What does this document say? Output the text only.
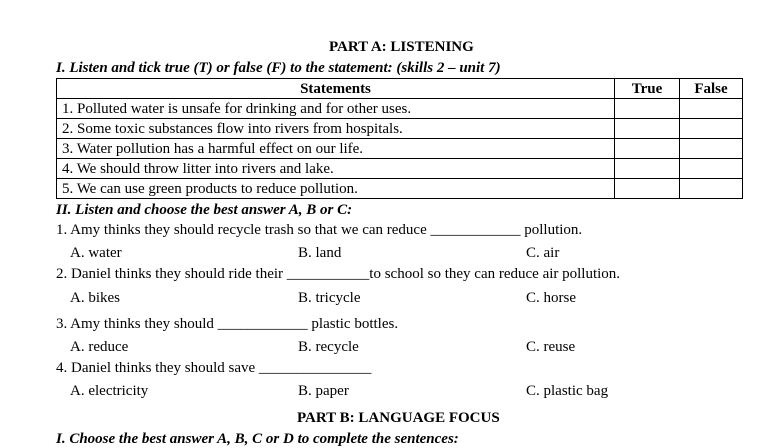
PART A: LISTENING
I. Listen and tick true (T) or false (F) to the statement: (skills 2 – unit 7)
Statements	True	False
1. Polluted water is unsafe for drinking and for other uses.		
2. Some toxic substances flow into rivers from hospitals.		
3. Water pollution has a harmful effect on our life.		
4. We should throw litter into rivers and lake.		
5. We can use green products to reduce pollution.		
II. Listen and choose the best answer A, B or C:
1. Amy thinks they should recycle trash so that we can reduce ____________ pollution.
A. water	B. land	C. air
2. Daniel thinks they should ride their ___________to school so they can reduce air pollution.
A. bikes	B. tricycle	C. horse
3. Amy thinks they should ____________ plastic bottles.
A. reduce	B. recycle	C. reuse
4. Daniel thinks they should save _______________
A. electricity	B. paper	C. plastic bag
PART B: LANGUAGE FOCUS
I. Choose the best answer A, B, C or D to complete the sentences:
